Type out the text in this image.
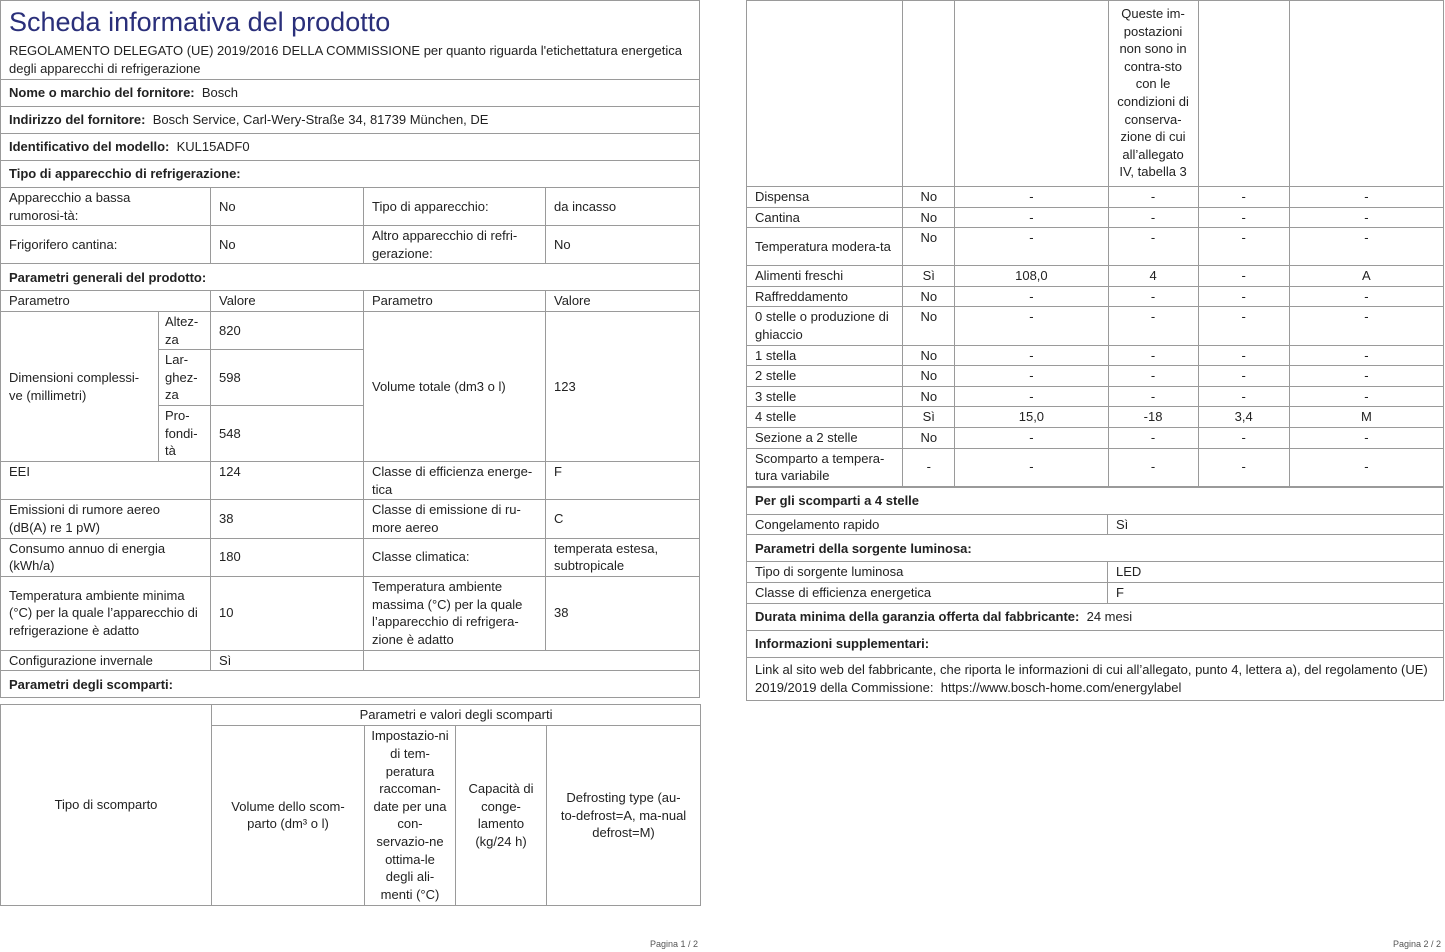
Scheda informativa del prodotto				
REGOLAMENTO DELEGATO (UE) 2019/2016 DELLA COMMISSIONE per quanto riguarda l'etichettatura energetica degli apparecchi di refrigerazione				
Nome o marchio del fornitore: Bosch				
Indirizzo del fornitore: Bosch Service, Carl-Wery-Straße 34, 81739 München, DE				
Identificativo del modello: KUL15ADF0				
Tipo di apparecchio di refrigerazione:				
Apparecchio a bassa rumorosi-tà:		No	Tipo di apparecchio:	da incasso
Frigorifero cantina:		No	Altro apparecchio di refri-gerazione:	No
Parametri generali del prodotto:				
Parametro		Valore	Parametro	Valore
Dimensioni complessi-ve (millimetri)	Altez-za	820	Volume totale (dm3 o l)	123
	Lar-ghez-za	598		
	Pro-fondi-tà	548		
EEI		124	Classe di efficienza energe-tica	F
Emissioni di rumore aereo (dB(A) re 1 pW)		38	Classe di emissione di ru-more aereo	C
Consumo annuo di energia (kWh/a)		180	Classe climatica:	temperata estesa, subtropicale
Temperatura ambiente minima (°C) per la quale l’apparecchio di refrigerazione è adatto		10	Temperatura ambiente massima (°C) per la quale l’apparecchio di refrigera-zione è adatto	38
Configurazione invernale		Sì		
Parametri degli scomparti:				
Tipo di scomparto	Parametri e valori degli scomparti			
	Volume dello scom-parto (dm³ o l)	Impostazio-ni di tem-peratura raccoman-date per una con-servazio-ne ottima-le degli ali-menti (°C)	Capacità di conge-lamento (kg/24 h)	Defrosting type (au-to-defrost=A, ma-nual defrost=M)
Pagina 1 / 2
			Queste im-postazioni non sono in contra-sto con le condizioni di conserva-zione di cui all’allegato IV, tabella 3		
Dispensa	No	-	-	-	-
Cantina	No	-	-	-	-
Temperatura modera-ta	No	-	-	-	-
Alimenti freschi	Sì	108,0	4	-	A
Raffreddamento	No	-	-	-	-
0 stelle o produzione di ghiaccio	No	-	-	-	-
1 stella	No	-	-	-	-
2 stelle	No	-	-	-	-
3 stelle	No	-	-	-	-
4 stelle	Sì	15,0	-18	3,4	M
Sezione a 2 stelle	No	-	-	-	-
Scomparto a tempera-tura variabile	-	-	-	-	-
Per gli scomparti a 4 stelle	
Congelamento rapido	Sì
Parametri della sorgente luminosa:	
Tipo di sorgente luminosa	LED
Classe di efficienza energetica	F
Durata minima della garanzia offerta dal fabbricante: 24 mesi	
Informazioni supplementari:	
Link al sito web del fabbricante, che riporta le informazioni di cui all’allegato, punto 4, lettera a), del regolamento (UE) 2019/2019 della Commissione: https://www.bosch-home.com/energylabel	
Pagina 2 / 2
